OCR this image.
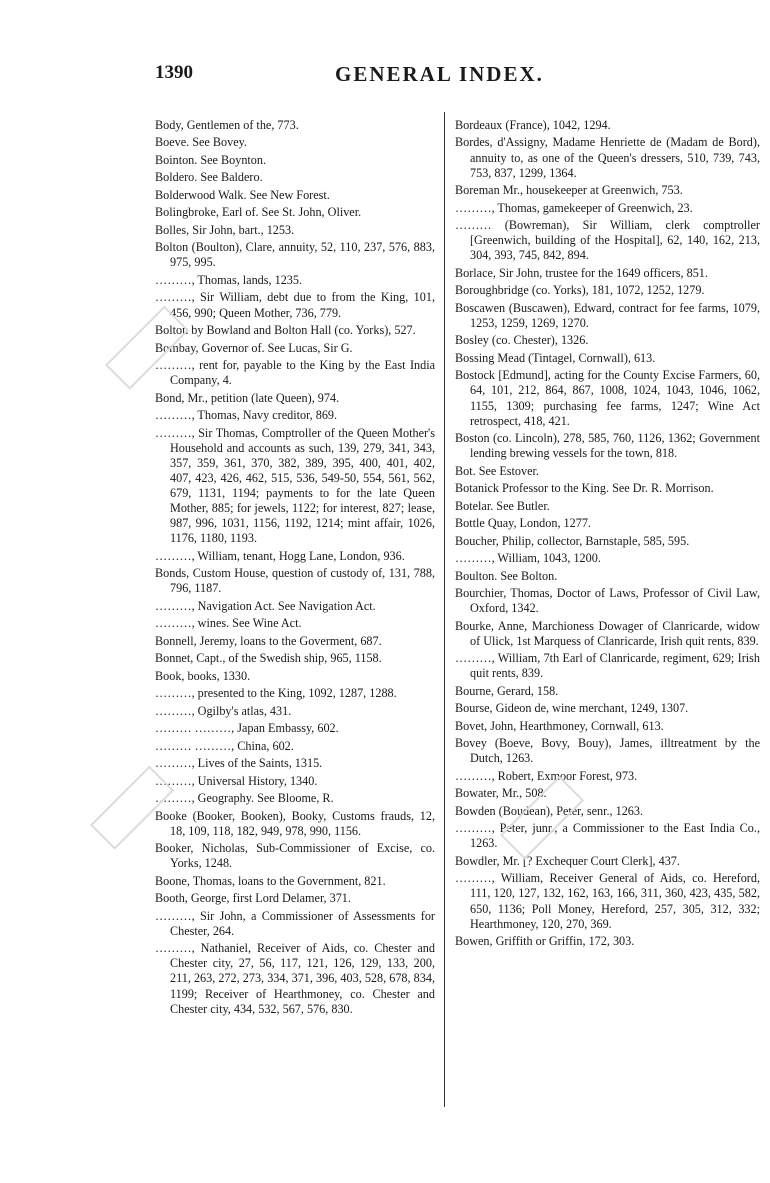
1390	GENERAL INDEX.
Body, Gentlemen of the, 773.
Boeve. See Bovey.
Bointon. See Boynton.
Boldero. See Baldero.
Bolderwood Walk. See New Forest.
Bolingbroke, Earl of. See St. John, Oliver.
Bolles, Sir John, bart., 1253.
Bolton (Boulton), Clare, annuity, 52, 110, 237, 576, 883, 975, 995.
………, Thomas, lands, 1235.
………, Sir William, debt due to from the King, 101, 456, 990; Queen Mother, 736, 779.
Bolton by Bowland and Bolton Hall (co. Yorks), 527.
Bombay, Governor of. See Lucas, Sir G.
………, rent for, payable to the King by the East India Company, 4.
Bond, Mr., petition (late Queen), 974.
………, Thomas, Navy creditor, 869.
………, Sir Thomas, Comptroller of the Queen Mother's Household and accounts as such, 139, 279, 341, 343, 357, 359, 361, 370, 382, 389, 395, 400, 401, 402, 407, 423, 426, 462, 515, 536, 549-50, 554, 561, 562, 679, 1131, 1194; payments to for the late Queen Mother, 885; for jewels, 1122; for interest, 827; lease, 987, 996, 1031, 1156, 1192, 1214; mint affair, 1026, 1176, 1180, 1193.
………, William, tenant, Hogg Lane, London, 936.
Bonds, Custom House, question of custody of, 131, 788, 796, 1187.
………, Navigation Act. See Navigation Act.
………, wines. See Wine Act.
Bonnell, Jeremy, loans to the Goverment, 687.
Bonnet, Capt., of the Swedish ship, 965, 1158.
Book, books, 1330.
………, presented to the King, 1092, 1287, 1288.
………, Ogilby's atlas, 431.
……… ………, Japan Embassy, 602.
……… ………, China, 602.
………, Lives of the Saints, 1315.
………, Universal History, 1340.
………, Geography. See Bloome, R.
Booke (Booker, Booken), Booky, Customs frauds, 12, 18, 109, 118, 182, 949, 978, 990, 1156.
Booker, Nicholas, Sub-Commissioner of Excise, co. Yorks, 1248.
Boone, Thomas, loans to the Government, 821.
Booth, George, first Lord Delamer, 371.
………, Sir John, a Commissioner of Assessments for Chester, 264.
………, Nathaniel, Receiver of Aids, co. Chester and Chester city, 27, 56, 117, 121, 126, 129, 133, 200, 211, 263, 272, 273, 334, 371, 396, 403, 528, 678, 834, 1199; Receiver of Hearthmoney, co. Chester and Chester city, 434, 532, 567, 576, 830.
Bordeaux (France), 1042, 1294.
Bordes, d'Assigny, Madame Henriette de (Madam de Bord), annuity to, as one of the Queen's dressers, 510, 739, 743, 753, 837, 1299, 1364.
Boreman Mr., housekeeper at Greenwich, 753.
………, Thomas, gamekeeper of Greenwich, 23.
……… (Bowreman), Sir William, clerk comptroller [Greenwich, building of the Hospital], 62, 140, 162, 213, 304, 393, 745, 842, 894.
Borlace, Sir John, trustee for the 1649 officers, 851.
Boroughbridge (co. Yorks), 181, 1072, 1252, 1279.
Boscawen (Buscawen), Edward, contract for fee farms, 1079, 1253, 1259, 1269, 1270.
Bosley (co. Chester), 1326.
Bossing Mead (Tintagel, Cornwall), 613.
Bostock [Edmund], acting for the County Excise Farmers, 60, 64, 101, 212, 864, 867, 1008, 1024, 1043, 1046, 1062, 1155, 1309; purchasing fee farms, 1247; Wine Act retrospect, 418, 421.
Boston (co. Lincoln), 278, 585, 760, 1126, 1362; Government lending brewing vessels for the town, 818.
Bot. See Estover.
Botanick Professor to the King. See Dr. R. Morrison.
Botelar. See Butler.
Bottle Quay, London, 1277.
Boucher, Philip, collector, Barnstaple, 585, 595.
………, William, 1043, 1200.
Boulton. See Bolton.
Bourchier, Thomas, Doctor of Laws, Professor of Civil Law, Oxford, 1342.
Bourke, Anne, Marchioness Dowager of Clanricarde, widow of Ulick, 1st Marquess of Clanricarde, Irish quit rents, 839.
………, William, 7th Earl of Clanricarde, regiment, 629; Irish quit rents, 839.
Bourne, Gerard, 158.
Bourse, Gideon de, wine merchant, 1249, 1307.
Bovet, John, Hearthmoney, Cornwall, 613.
Bovey (Boeve, Bovy, Bouy), James, illtreatment by the Dutch, 1263.
………, Robert, Exmoor Forest, 973.
Bowater, Mr., 508.
Bowden (Boudean), Peter, senr., 1263.
………, Peter, junr., a Commissioner to the East India Co., 1263.
Bowdler, Mr. [? Exchequer Court Clerk], 437.
………, William, Receiver General of Aids, co. Hereford, 111, 120, 127, 132, 162, 163, 166, 311, 360, 423, 435, 582, 650, 1136; Poll Money, Hereford, 257, 305, 312, 332; Hearthmoney, 120, 270, 369.
Bowen, Griffith or Griffin, 172, 303.
